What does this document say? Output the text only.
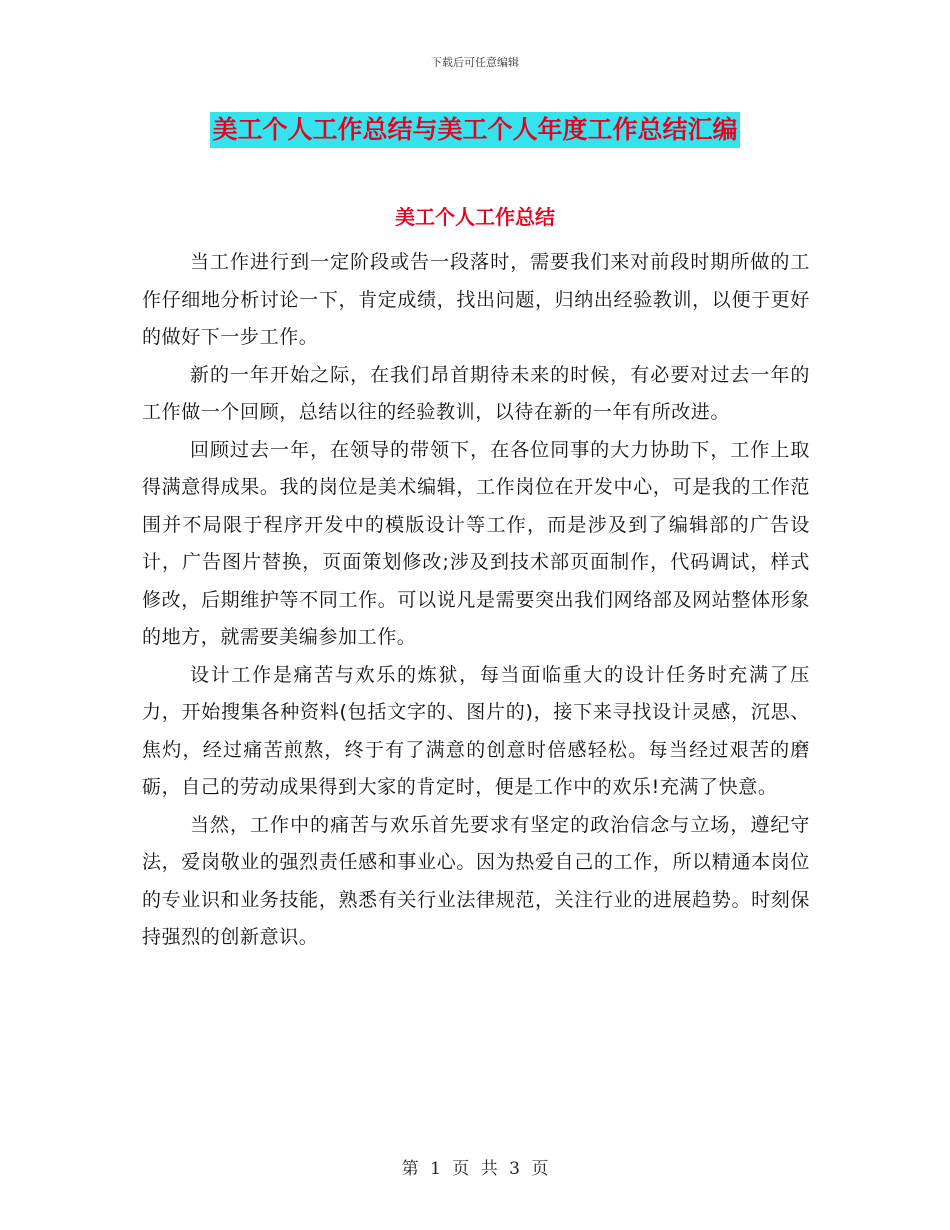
下载后可任意编辑
美工个人工作总结与美工个人年度工作总结汇编
美工个人工作总结

当工作进行到一定阶段或告一段落时，需要我们来对前段时期所做的工作仔细地分析讨论一下，肯定成绩，找出问题，归纳出经验教训，以便于更好的做好下一步工作。

新的一年开始之际，在我们昂首期待未来的时候，有必要对过去一年的工作做一个回顾，总结以往的经验教训，以待在新的一年有所改进。

回顾过去一年，在领导的带领下，在各位同事的大力协助下，工作上取得满意得成果。我的岗位是美术编辑，工作岗位在开发中心，可是我的工作范围并不局限于程序开发中的模版设计等工作，而是涉及到了编辑部的广告设计，广告图片替换，页面策划修改;涉及到技术部页面制作，代码调试，样式修改，后期维护等不同工作。可以说凡是需要突出我们网络部及网站整体形象的地方，就需要美编参加工作。

设计工作是痛苦与欢乐的炼狱，每当面临重大的设计任务时充满了压力，开始搜集各种资料(包括文字的、图片的)，接下来寻找设计灵感，沉思、焦灼，经过痛苦煎熬，终于有了满意的创意时倍感轻松。每当经过艰苦的磨砺，自己的劳动成果得到大家的肯定时，便是工作中的欢乐!充满了快意。

当然，工作中的痛苦与欢乐首先要求有坚定的政治信念与立场，遵纪守法，爱岗敬业的强烈责任感和事业心。因为热爱自己的工作，所以精通本岗位的专业识和业务技能，熟悉有关行业法律规范，关注行业的进展趋势。时刻保持强烈的创新意识。

第 1 页 共 3 页
